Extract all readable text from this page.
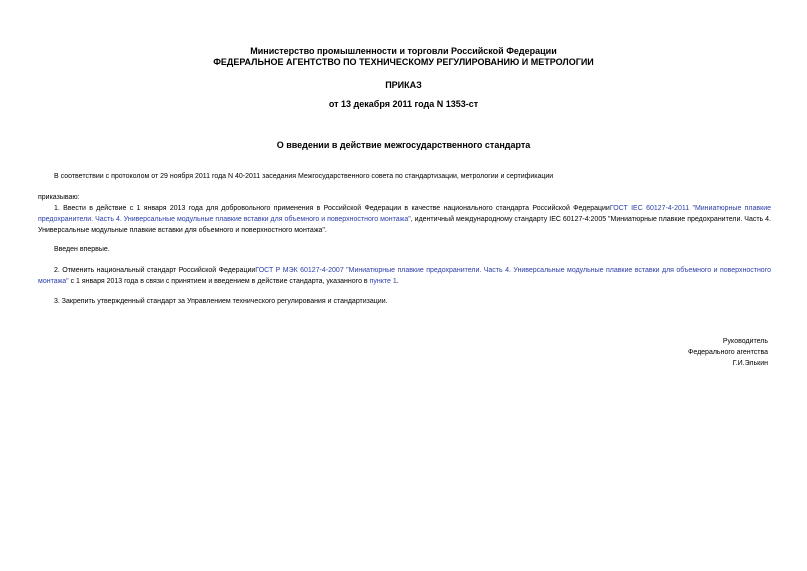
Министерство промышленности и торговли Российской Федерации
ФЕДЕРАЛЬНОЕ АГЕНТСТВО ПО ТЕХНИЧЕСКОМУ РЕГУЛИРОВАНИЮ И МЕТРОЛОГИИ
ПРИКАЗ
от 13 декабря 2011 года N 1353-ст
О введении в действие межгосударственного стандарта
В соответствии с протоколом от 29 ноября 2011 года N 40-2011 заседания Межгосударственного совета по стандартизации, метрологии и сертификации
приказываю:
1. Ввести в действие с 1 января 2013 года для добровольного применения в Российской Федерации в качестве национального стандарта Российской ФедерацииГОСТ IEC 60127-4-2011 "Миниатюрные плавкие предохранители. Часть 4. Универсальные модульные плавкие вставки для объемного и поверхностного монтажа", идентичный международному стандарту IEC 60127-4:2005 "Миниатюрные плавкие предохранители. Часть 4. Универсальные модульные плавкие вставки для объемного и поверхностного монтажа".
Введен впервые.
2. Отменить национальный стандарт Российской ФедерацииГОСТ Р МЭК 60127-4-2007 "Миниатюрные плавкие предохранители. Часть 4. Универсальные модульные плавкие вставки для объемного и поверхностного монтажа" с 1 января 2013 года в связи с принятием и введением в действие стандарта, указанного в пункте 1.
3. Закрепить утвержденный стандарт за Управлением технического регулирования и стандартизации.
Руководитель
Федерального агентства
Г.И.Элькин
